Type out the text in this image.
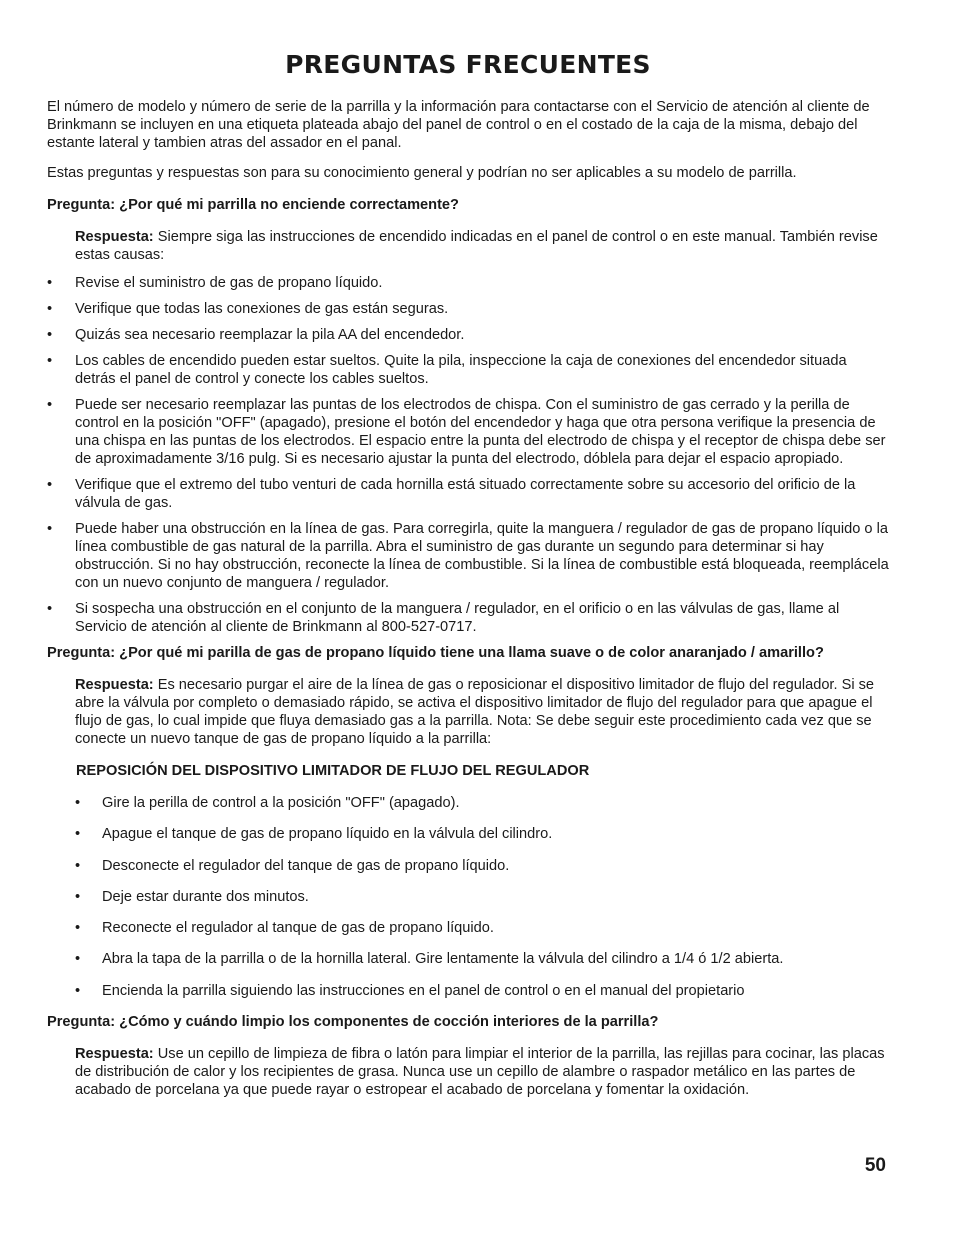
PREGUNTAS FRECUENTES

El número de modelo y número de serie de la parrilla y la información para contactarse con el Servicio de atención al cliente de Brinkmann se incluyen en una etiqueta plateada abajo del panel de control o en el costado de la caja de la misma, debajo del estante lateral y tambien atras del assador en el panal.

Estas preguntas y respuestas son para su conocimiento general y podrían no ser aplicables a su modelo de parrilla.

Pregunta: ¿Por qué mi parrilla no enciende correctamente?

Respuesta: Siempre siga las instrucciones de encendido indicadas en el panel de control o en este manual. También revise estas causas:

• Revise el suministro de gas de propano líquido.
• Verifique que todas las conexiones de gas están seguras.
• Quizás sea necesario reemplazar la pila AA del encendedor.
• Los cables de encendido pueden estar sueltos. Quite la pila, inspeccione la caja de conexiones del encendedor situada detrás el panel de control y conecte los cables sueltos.
• Puede ser necesario reemplazar las puntas de los electrodos de chispa. Con el suministro de gas cerrado y la perilla de control en la posición "OFF" (apagado), presione el botón del encendedor y haga que otra persona verifique la presencia de una chispa en las puntas de los electrodos. El espacio entre la punta del electrodo de chispa y el receptor de chispa debe ser de aproximadamente 3/16 pulg. Si es necesario ajustar la punta del electrodo, dóblela para dejar el espacio apropiado.
• Verifique que el extremo del tubo venturi de cada hornilla está situado correctamente sobre su accesorio del orificio de la válvula de gas.
• Puede haber una obstrucción en la línea de gas. Para corregirla, quite la manguera / regulador de gas de propano líquido o la línea combustible de gas natural de la parrilla. Abra el suministro de gas durante un segundo para determinar si hay obstrucción. Si no hay obstrucción, reconecte la línea de combustible. Si la línea de combustible está bloqueada, reemplácela con un nuevo conjunto de manguera / regulador.
• Si sospecha una obstrucción en el conjunto de la manguera / regulador, en el orificio o en las válvulas de gas, llame al Servicio de atención al cliente de Brinkmann al 800-527-0717.

Pregunta: ¿Por qué mi parilla de gas de propano líquido tiene una llama suave o de color anaranjado / amarillo?

Respuesta: Es necesario purgar el aire de la línea de gas o reposicionar el dispositivo limitador de flujo del regulador. Si se abre la válvula por completo o demasiado rápido, se activa el dispositivo limitador de flujo del regulador para que apague el flujo de gas, lo cual impide que fluya demasiado gas a la parrilla. Nota: Se debe seguir este procedimiento cada vez que se conecte un nuevo tanque de gas de propano líquido a la parrilla:

REPOSICIÓN DEL DISPOSITIVO LIMITADOR DE FLUJO DEL REGULADOR

• Gire la perilla de control a la posición "OFF" (apagado).
• Apague el tanque de gas de propano líquido en la válvula del cilindro.
• Desconecte el regulador del tanque de gas de propano líquido.
• Deje estar durante dos minutos.
• Reconecte el regulador al tanque de gas de propano líquido.
• Abra la tapa de la parrilla o de la hornilla lateral. Gire lentamente la válvula del cilindro a 1/4 ó 1/2 abierta.
• Encienda la parrilla siguiendo las instrucciones en el panel de control o en el manual del propietario

Pregunta: ¿Cómo y cuándo limpio los componentes de cocción interiores de la parrilla?

Respuesta: Use un cepillo de limpieza de fibra o latón para limpiar el interior de la parrilla, las rejillas para cocinar, las placas de distribución de calor y los recipientes de grasa. Nunca use un cepillo de alambre o raspador metálico en las partes de acabado de porcelana ya que puede rayar o estropear el acabado de porcelana y fomentar la oxidación.

50
